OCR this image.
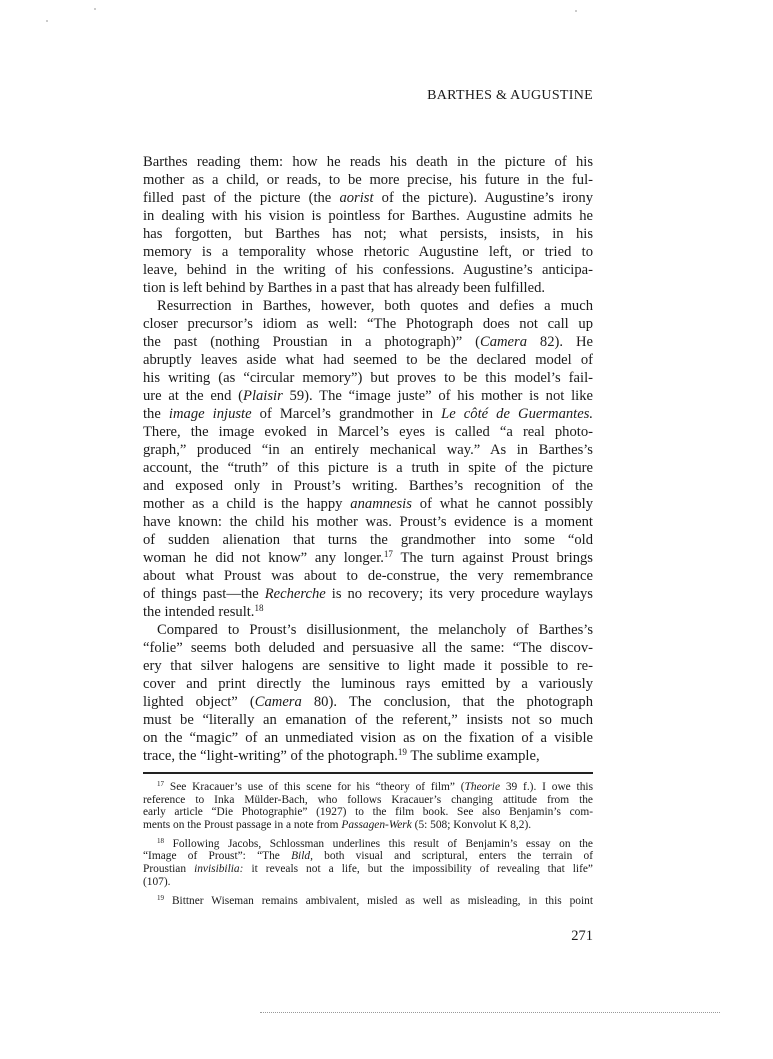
BARTHES & AUGUSTINE
Barthes reading them: how he reads his death in the picture of his
mother as a child, or reads, to be more precise, his future in the ful-
filled past of the picture (the aorist of the picture). Augustine’s irony
in dealing with his vision is pointless for Barthes. Augustine admits he
has forgotten, but Barthes has not; what persists, insists, in his
memory is a temporality whose rhetoric Augustine left, or tried to
leave, behind in the writing of his confessions. Augustine’s anticipa-
tion is left behind by Barthes in a past that has already been fulfilled.
Resurrection in Barthes, however, both quotes and defies a much
closer precursor’s idiom as well: “The Photograph does not call up
the past (nothing Proustian in a photograph)” (Camera 82). He
abruptly leaves aside what had seemed to be the declared model of
his writing (as “circular memory”) but proves to be this model’s fail-
ure at the end (Plaisir 59). The “image juste” of his mother is not like
the image injuste of Marcel’s grandmother in Le côté de Guermantes.
There, the image evoked in Marcel’s eyes is called “a real photo-
graph,” produced “in an entirely mechanical way.” As in Barthes’s
account, the “truth” of this picture is a truth in spite of the picture
and exposed only in Proust’s writing. Barthes’s recognition of the
mother as a child is the happy anamnesis of what he cannot possibly
have known: the child his mother was. Proust’s evidence is a moment
of sudden alienation that turns the grandmother into some “old
woman he did not know” any longer.$^{17}$ The turn against Proust brings
about what Proust was about to de-construe, the very remembrance
of things past—the Recherche is no recovery; its very procedure waylays
the intended result.$^{18}$
Compared to Proust’s disillusionment, the melancholy of Barthes’s
“folie” seems both deluded and persuasive all the same: “The discov-
ery that silver halogens are sensitive to light made it possible to re-
cover and print directly the luminous rays emitted by a variously
lighted object” (Camera 80). The conclusion, that the photograph
must be “literally an emanation of the referent,” insists not so much
on the “magic” of an unmediated vision as on the fixation of a visible
trace, the “light-writing” of the photograph.$^{19}$ The sublime example,
$^{17}$ See Kracauer’s use of this scene for his “theory of film” (Theorie 39 f.). I owe this
reference to Inka Mülder-Bach, who follows Kracauer’s changing attitude from the
early article “Die Photographie” (1927) to the film book. See also Benjamin’s com-
ments on the Proust passage in a note from Passagen-Werk (5: 508; Konvolut K 8,2).
$^{18}$ Following Jacobs, Schlossman underlines this result of Benjamin’s essay on the
“Image of Proust”: “The Bild, both visual and scriptural, enters the terrain of
Proustian invisibilia: it reveals not a life, but the impossibility of revealing that life”
(107).
$^{19}$ Bittner Wiseman remains ambivalent, misled as well as misleading, in this point
271
